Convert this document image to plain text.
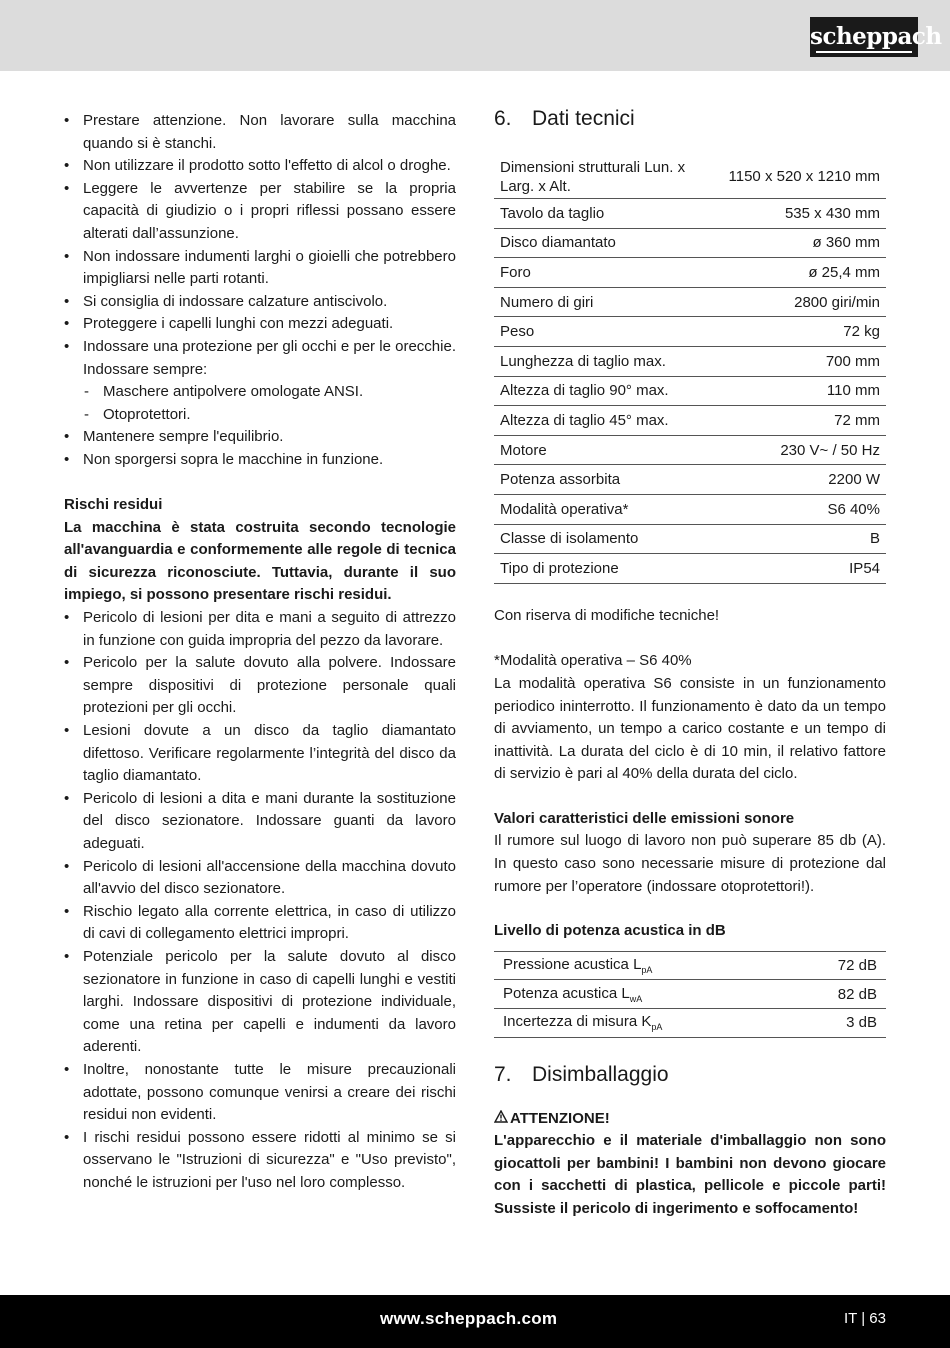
scheppach
• Prestare attenzione. Non lavorare sulla macchina quando si è stanchi.
• Non utilizzare il prodotto sotto l'effetto di alcol o droghe.
• Leggere le avvertenze per stabilire se la propria capacità di giudizio o i propri riflessi possano essere alterati dall’assunzione.
• Non indossare indumenti larghi o gioielli che potrebbero impigliarsi nelle parti rotanti.
• Si consiglia di indossare calzature antiscivolo.
• Proteggere i capelli lunghi con mezzi adeguati.
• Indossare una protezione per gli occhi e per le orecchie. Indossare sempre:
- Maschere antipolvere omologate ANSI.
- Otoprotettori.
• Mantenere sempre l'equilibrio.
• Non sporgersi sopra le macchine in funzione.
Rischi residui
La macchina è stata costruita secondo tecnologie all'avanguardia e conformemente alle regole di tecnica di sicurezza riconosciute. Tuttavia, durante il suo impiego, si possono presentare rischi residui.
• Pericolo di lesioni per dita e mani a seguito di attrezzo in funzione con guida impropria del pezzo da lavorare.
• Pericolo per la salute dovuto alla polvere. Indossare sempre dispositivi di protezione personale quali protezioni per gli occhi.
• Lesioni dovute a un disco da taglio diamantato difettoso. Verificare regolarmente l’integrità del disco da taglio diamantato.
• Pericolo di lesioni a dita e mani durante la sostituzione del disco sezionatore. Indossare guanti da lavoro adeguati.
• Pericolo di lesioni all'accensione della macchina dovuto all'avvio del disco sezionatore.
• Rischio legato alla corrente elettrica, in caso di utilizzo di cavi di collegamento elettrici impropri.
• Potenziale pericolo per la salute dovuto al disco sezionatore in funzione in caso di capelli lunghi e vestiti larghi. Indossare dispositivi di protezione individuale, come una retina per capelli e indumenti da lavoro aderenti.
• Inoltre, nonostante tutte le misure precauzionali adottate, possono comunque venirsi a creare dei rischi residui non evidenti.
• I rischi residui possono essere ridotti al minimo se si osservano le "Istruzioni di sicurezza" e "Uso previsto", nonché le istruzioni per l'uso nel loro complesso.
6. Dati tecnici
Dimensioni strutturali Lun. x Larg. x Alt.	1150 x 520 x 1210 mm
Tavolo da taglio	535 x 430 mm
Disco diamantato	ø 360 mm
Foro	ø 25,4 mm
Numero di giri	2800 giri/min
Peso	72 kg
Lunghezza di taglio max.	700 mm
Altezza di taglio 90° max.	110 mm
Altezza di taglio 45° max.	72 mm
Motore	230 V~ / 50 Hz
Potenza assorbita	2200 W
Modalità operativa*	S6 40%
Classe di isolamento	B
Tipo di protezione	IP54
Con riserva di modifiche tecniche!
*Modalità operativa – S6 40%
La modalità operativa S6 consiste in un funzionamento periodico ininterrotto. Il funzionamento è dato da un tempo di avviamento, un tempo a carico costante e un tempo di inattività. La durata del ciclo è di 10 min, il relativo fattore di servizio è pari al 40% della durata del ciclo.
Valori caratteristici delle emissioni sonore
Il rumore sul luogo di lavoro non può superare 85 db (A). In questo caso sono necessarie misure di protezione dal rumore per l’operatore (indossare otoprotettori!).
Livello di potenza acustica in dB
Pressione acustica $L_{pA}$	72 dB
Potenza acustica $L_{wA}$	82 dB
Incertezza di misura $K_{pA}$	3 dB
7. Disimballaggio
ATTENZIONE!
L'apparecchio e il materiale d'imballaggio non sono giocattoli per bambini! I bambini non devono giocare con i sacchetti di plastica, pellicole e piccole parti! Sussiste il pericolo di ingerimento e soffocamento!
www.scheppach.com	IT | 63
